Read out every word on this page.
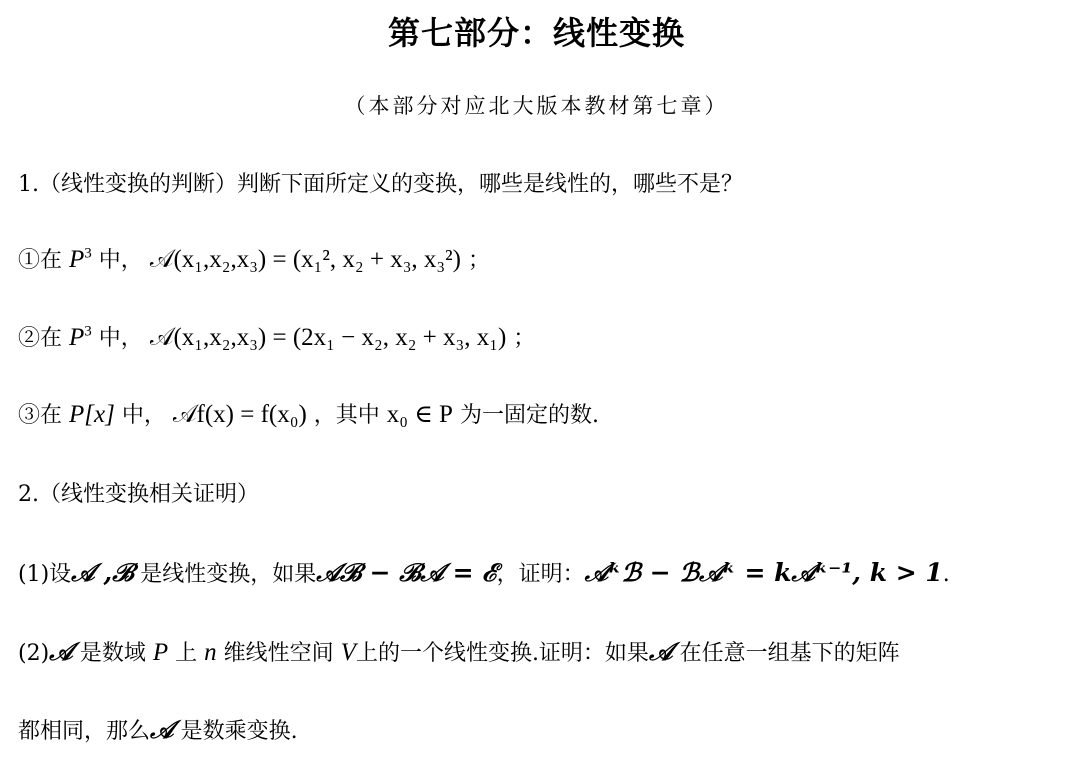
第七部分：线性变换
（本部分对应北大版本教材第七章）
1.（线性变换的判断）判断下面所定义的变换，哪些是线性的，哪些不是？
①在 $P^3$ 中， 𝒜(x₁,x₂,x₃) = (x₁², x₂ + x₃, x₃²) ；
②在 $P^3$ 中， 𝒜(x₁,x₂,x₃) = (2x₁ − x₂, x₂ + x₃, x₁) ；
③在 P[x] 中， 𝒜f(x) = f(x₀) ，其中 x₀ ∈ P 为一固定的数.
2.（线性变换相关证明）
(1)设𝒜 ,ℬ 是线性变换，如果𝒜ℬ − ℬ𝒜 = ℰ，证明：𝒜ᵏℬ − ℬ𝒜ᵏ = k𝒜ᵏ⁻¹, k > 1.
(2)𝒜 是数域 P 上 n 维线性空间 V上的一个线性变换.证明：如果𝒜 在任意一组基下的矩阵
都相同，那么𝒜 是数乘变换.
